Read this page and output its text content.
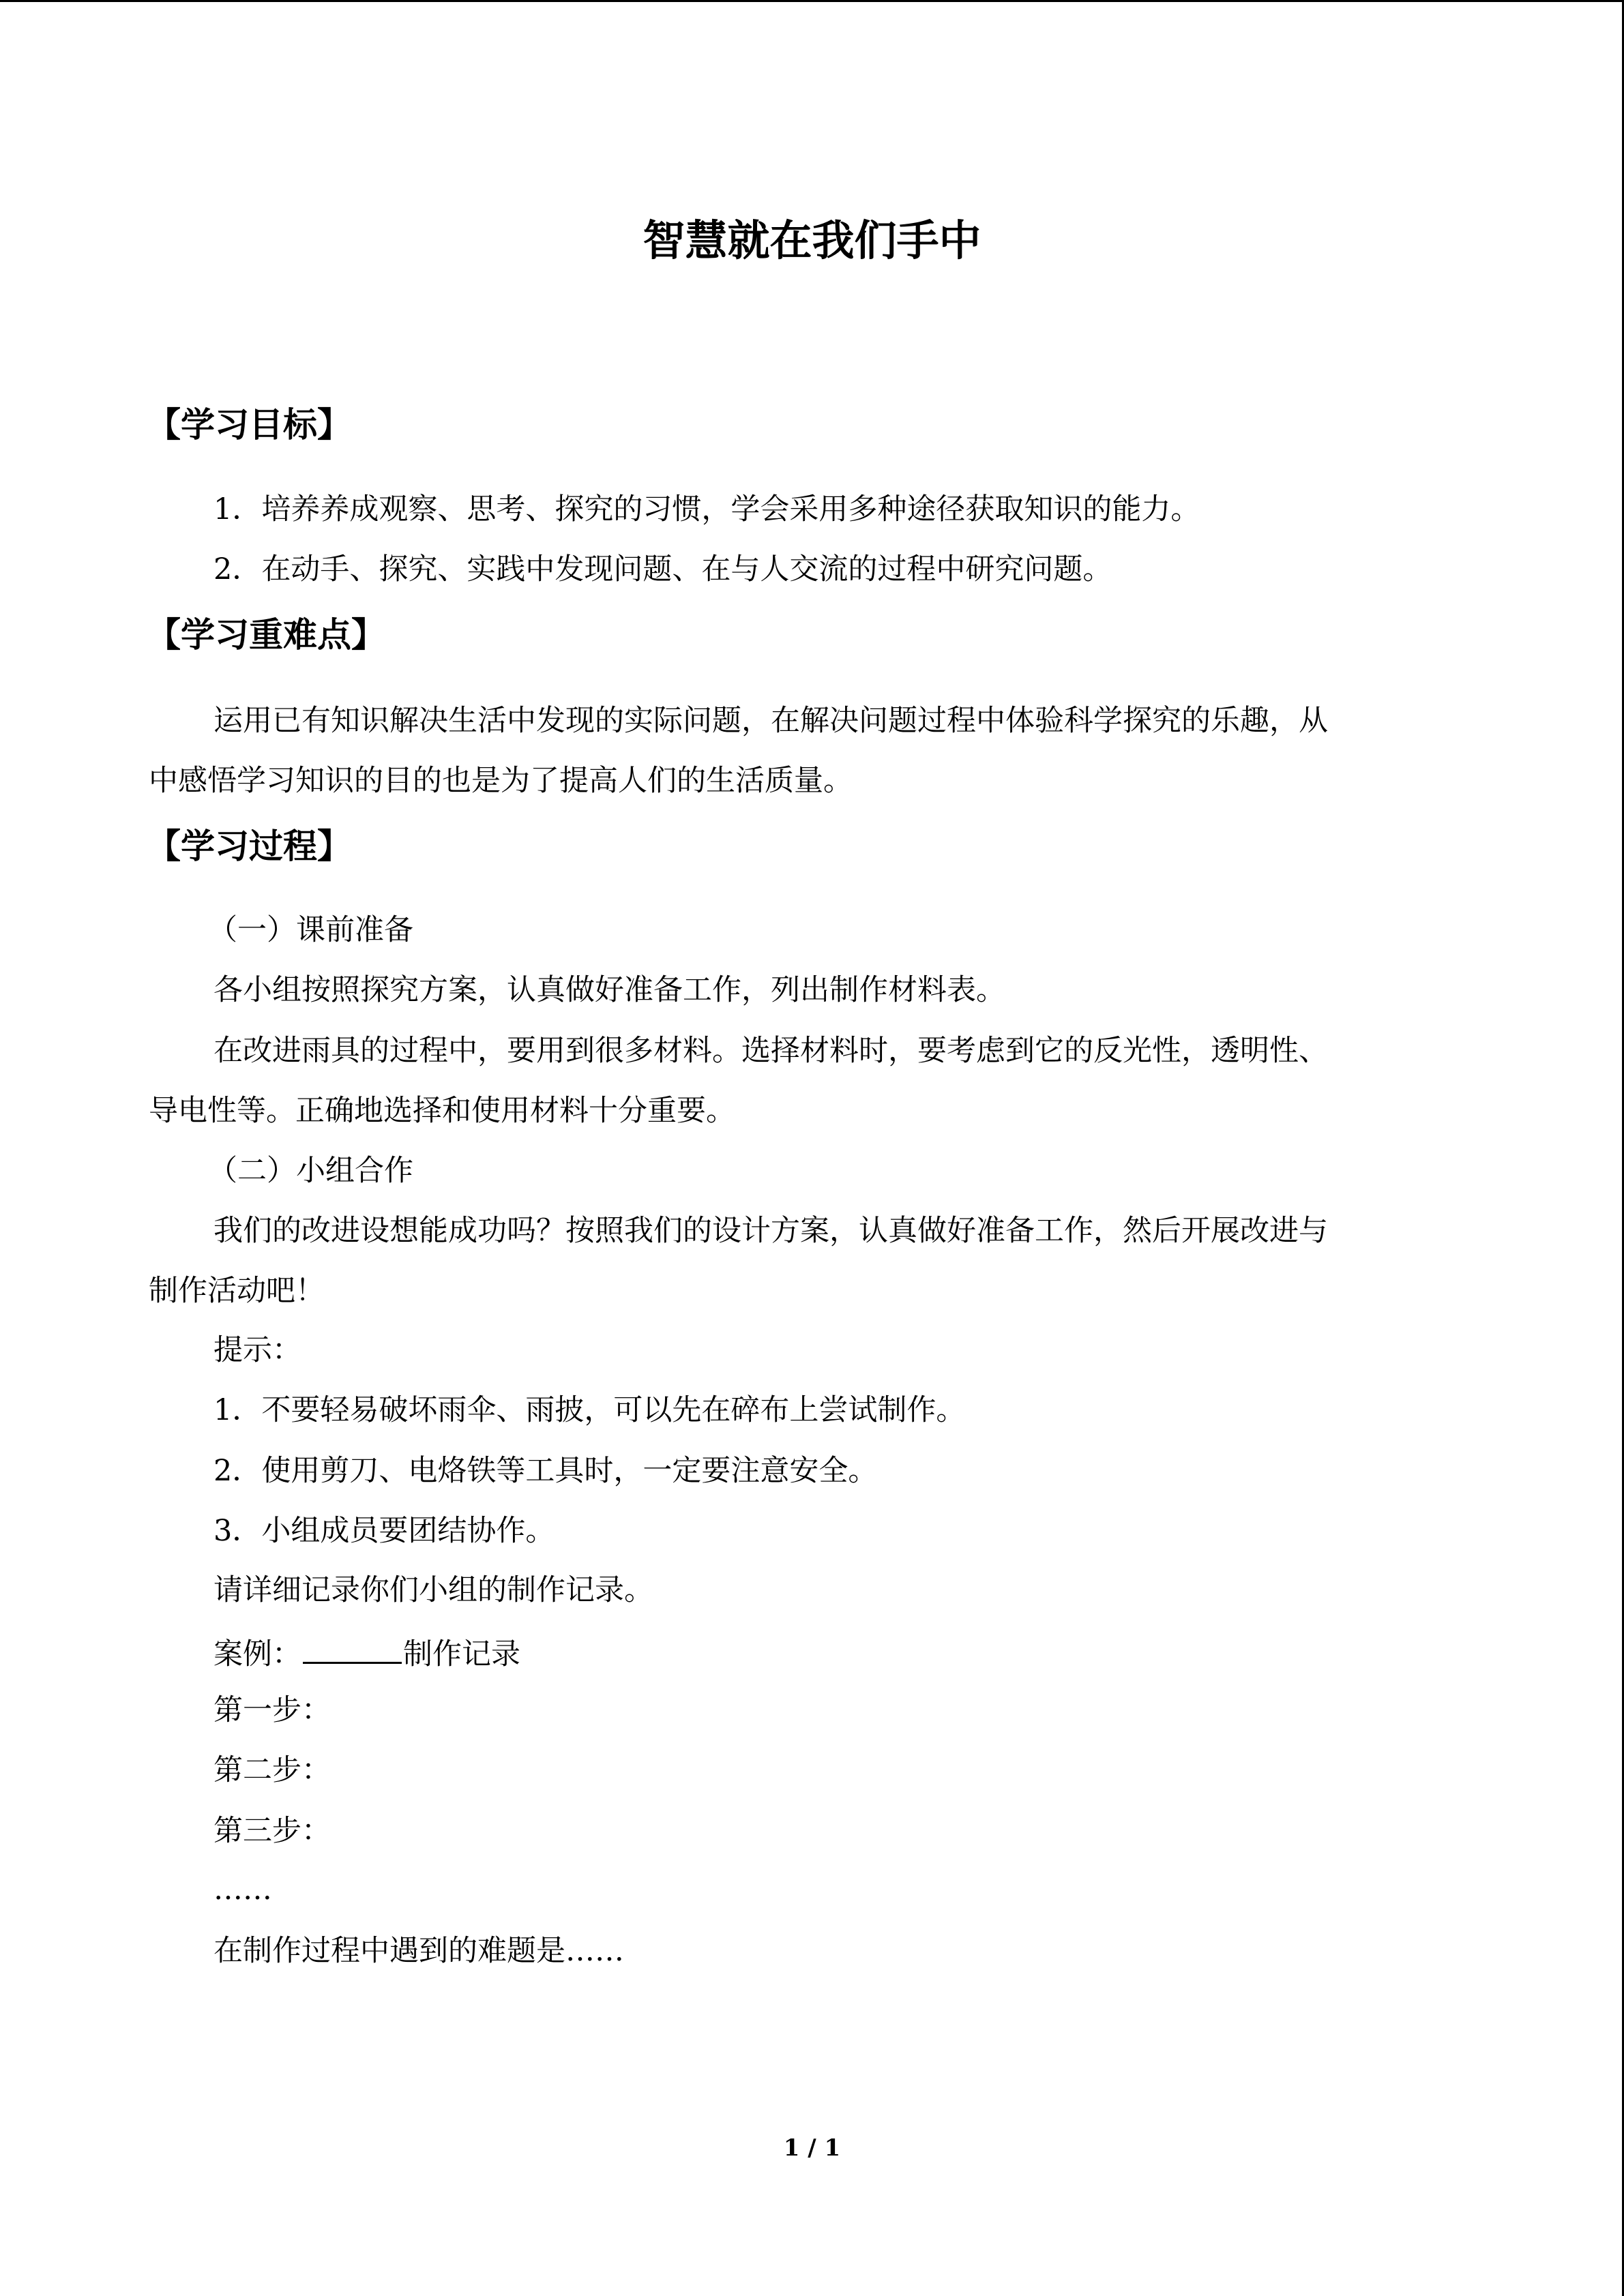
智慧就在我们手中
【学习目标】
1．培养养成观察、思考、探究的习惯，学会采用多种途径获取知识的能力。
2．在动手、探究、实践中发现问题、在与人交流的过程中研究问题。
【学习重难点】
运用已有知识解决生活中发现的实际问题，在解决问题过程中体验科学探究的乐趣，从
中感悟学习知识的目的也是为了提高人们的生活质量。
【学习过程】
（一）课前准备
各小组按照探究方案，认真做好准备工作，列出制作材料表。
在改进雨具的过程中，要用到很多材料。选择材料时，要考虑到它的反光性，透明性、
导电性等。正确地选择和使用材料十分重要。
（二）小组合作
我们的改进设想能成功吗？按照我们的设计方案，认真做好准备工作，然后开展改进与
制作活动吧！
提示：
1．不要轻易破坏雨伞、雨披，可以先在碎布上尝试制作。
2．使用剪刀、电烙铁等工具时，一定要注意安全。
3．小组成员要团结协作。
请详细记录你们小组的制作记录。
案例：	制作记录
第一步：
第二步：
第三步：
……
在制作过程中遇到的难题是……
1 / 1
